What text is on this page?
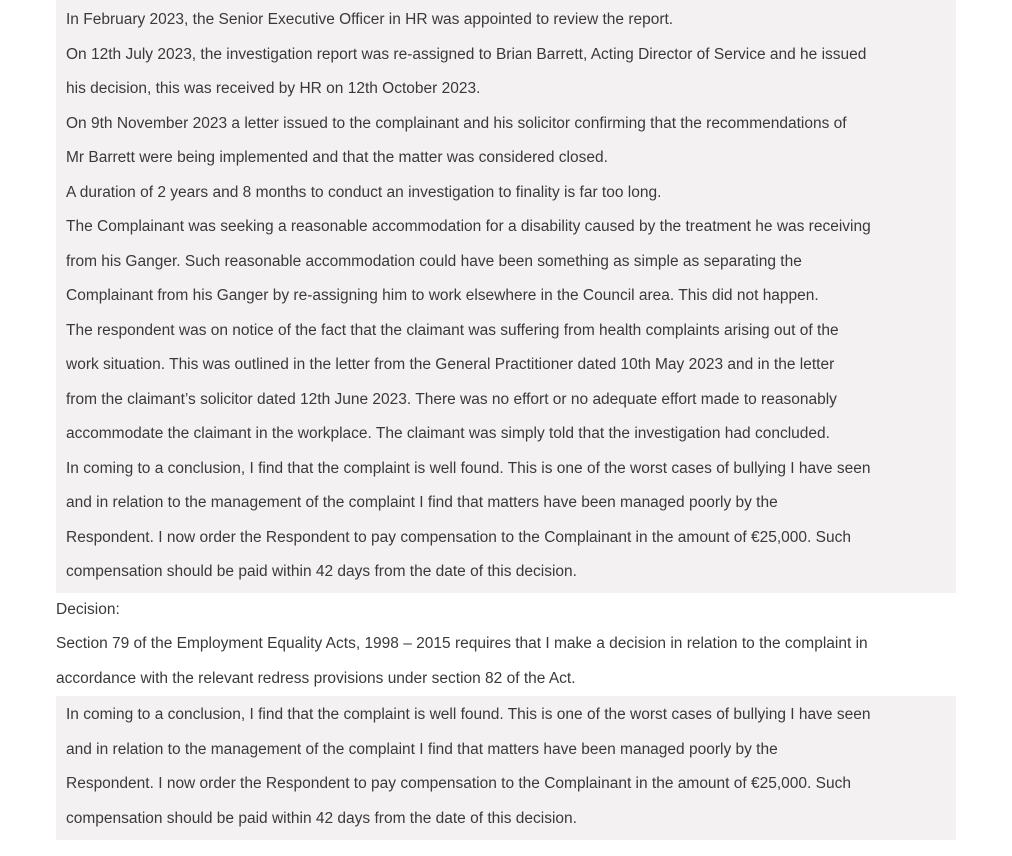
In February 2023, the Senior Executive Officer in HR was appointed to review the report.
On 12th July 2023, the investigation report was re-assigned to Brian Barrett, Acting Director of Service and he issued
his decision, this was received by HR on 12th October 2023.
On 9th November 2023 a letter issued to the complainant and his solicitor confirming that the recommendations of
Mr Barrett were being implemented and that the matter was considered closed.
A duration of 2 years and 8 months to conduct an investigation to finality is far too long.
The Complainant was seeking a reasonable accommodation for a disability caused by the treatment he was receiving
from his Ganger. Such reasonable accommodation could have been something as simple as separating the
Complainant from his Ganger by re-assigning him to work elsewhere in the Council area. This did not happen.
The respondent was on notice of the fact that the claimant was suffering from health complaints arising out of the
work situation. This was outlined in the letter from the General Practitioner dated 10th May 2023 and in the letter
from the claimant’s solicitor dated 12th June 2023. There was no effort or no adequate effort made to reasonably
accommodate the claimant in the workplace. The claimant was simply told that the investigation had concluded.
In coming to a conclusion, I find that the complaint is well found. This is one of the worst cases of bullying I have seen
and in relation to the management of the complaint I find that matters have been managed poorly by the
Respondent. I now order the Respondent to pay compensation to the Complainant in the amount of €25,000. Such
compensation should be paid within 42 days from the date of this decision.
Decision:
Section 79 of the Employment Equality Acts, 1998 – 2015 requires that I make a decision in relation to the complaint in
accordance with the relevant redress provisions under section 82 of the Act.
In coming to a conclusion, I find that the complaint is well found. This is one of the worst cases of bullying I have seen
and in relation to the management of the complaint I find that matters have been managed poorly by the
Respondent. I now order the Respondent to pay compensation to the Complainant in the amount of €25,000. Such
compensation should be paid within 42 days from the date of this decision.
